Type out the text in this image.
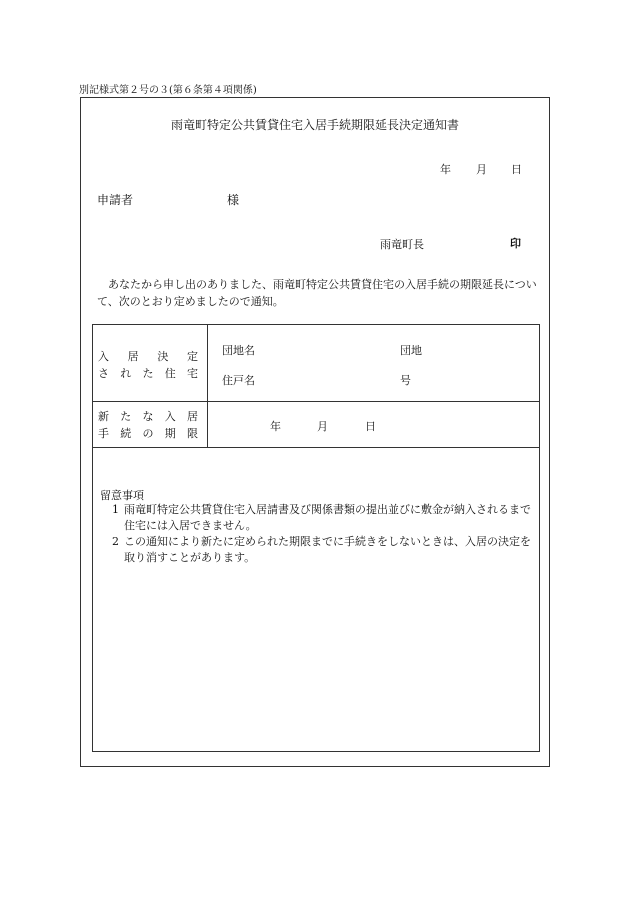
別記様式第２号の３(第６条第４項関係)
雨竜町特定公共賃貸住宅入居手続期限延長決定通知書
年 月 日
申請者	様
雨竜町長	印
　あなたから申し出のありました、雨竜町特定公共賃貸住宅の入居手続の期限延長について、次のとおり定めましたので通知。
入 居 決 定
さ れ た 住 宅
団地名	団地
住戸名	号
新 た な 入 居
手 続 の 期 限
年	月	日
留意事項
1 雨竜町特定公共賃貸住宅入居請書及び関係書類の提出並びに敷金が納入されるまで住宅には入居できません。
2 この通知により新たに定められた期限までに手続きをしないときは、入居の決定を取り消すことがあります。
